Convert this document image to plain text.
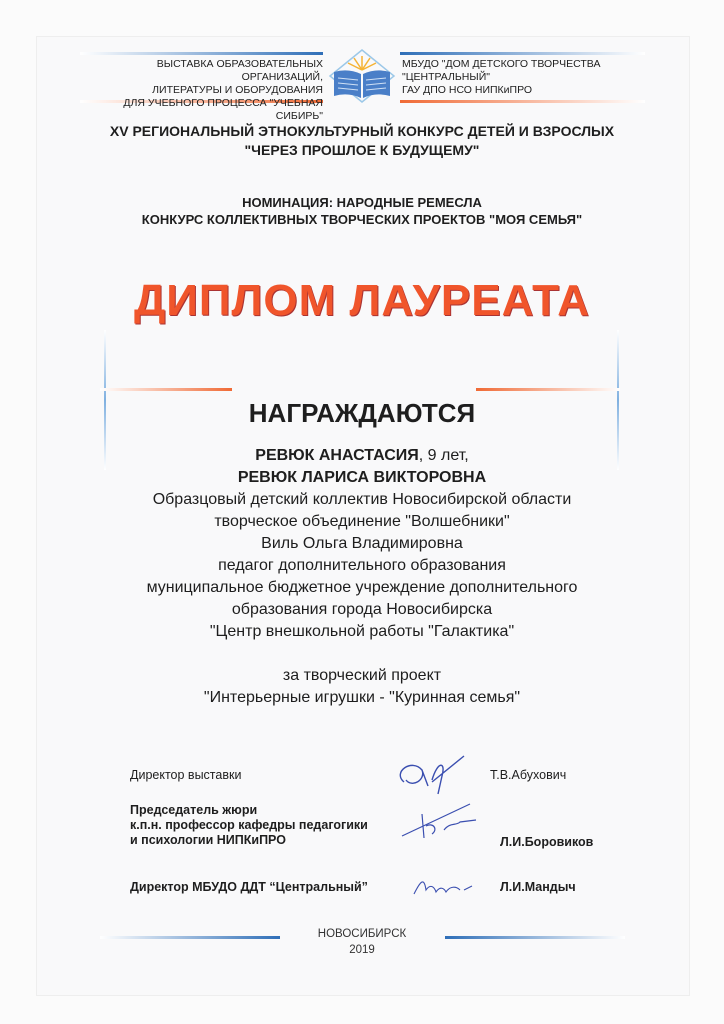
ВЫСТАВКА ОБРАЗОВАТЕЛЬНЫХ ОРГАНИЗАЦИЙ,
ЛИТЕРАТУРЫ И ОБОРУДОВАНИЯ
ДЛЯ УЧЕБНОГО ПРОЦЕССА "УЧЕБНАЯ СИБИРЬ"
МБУДО "ДОМ ДЕТСКОГО ТВОРЧЕСТВА
"ЦЕНТРАЛЬНЫЙ"
ГАУ ДПО НСО НИПКиПРО
XV РЕГИОНАЛЬНЫЙ ЭТНОКУЛЬТУРНЫЙ КОНКУРС ДЕТЕЙ И ВЗРОСЛЫХ
"ЧЕРЕЗ ПРОШЛОЕ К БУДУЩЕМУ"
НОМИНАЦИЯ: НАРОДНЫЕ РЕМЕСЛА
КОНКУРС КОЛЛЕКТИВНЫХ ТВОРЧЕСКИХ ПРОЕКТОВ "МОЯ СЕМЬЯ"
ДИПЛОМ ЛАУРЕАТА
НАГРАЖДАЮТСЯ
РЕВЮК АНАСТАСИЯ, 9 лет,
РЕВЮК ЛАРИСА ВИКТОРОВНА
Образцовый детский коллектив Новосибирской области
творческое объединение "Волшебники"
Виль Ольга Владимировна
педагог дополнительного образования
муниципальное бюджетное учреждение дополнительного
образования города Новосибирска
"Центр внешкольной работы "Галактика"
за творческий проект
"Интерьерные игрушки - "Куринная семья"
Директор выставки	Т.В.Абухович
Председатель жюри
к.п.н. профессор кафедры педагогики
и психологии НИПКиПРО	Л.И.Боровиков
Директор МБУДО ДДТ “Центральный”	Л.И.Мандыч
НОВОСИБИРСК
2019
